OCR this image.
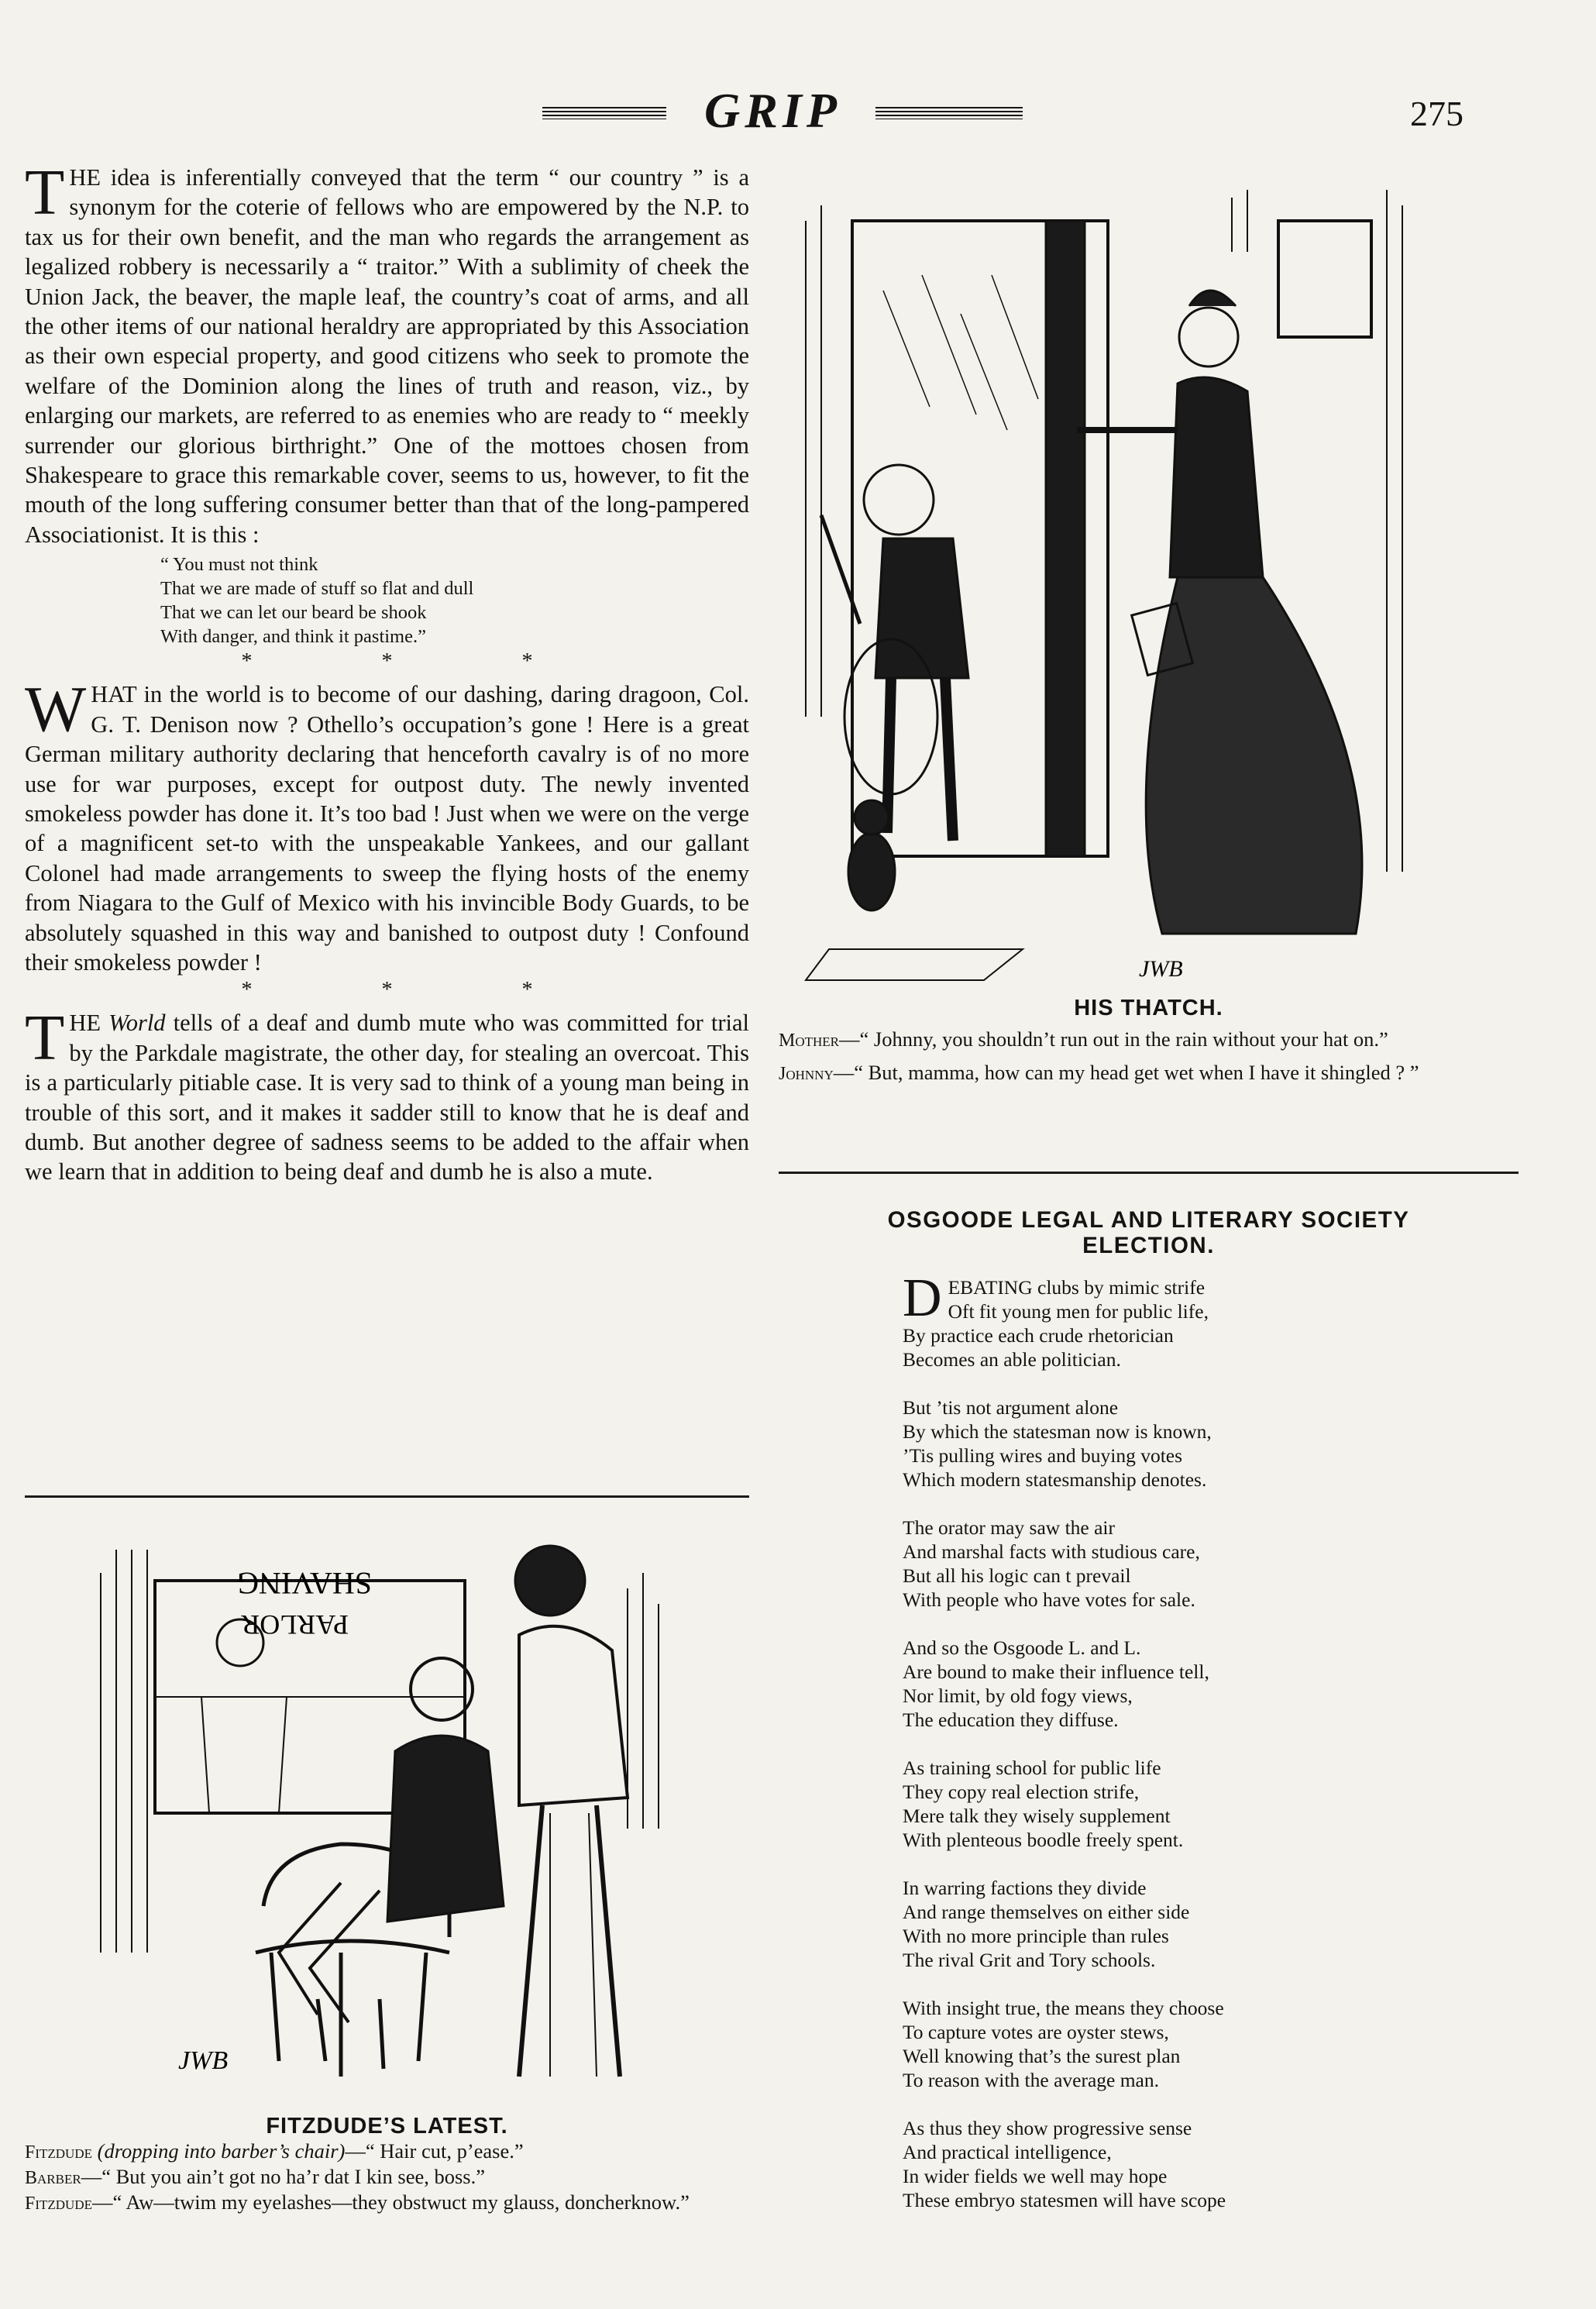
GRIP	275

THE idea is inferentially conveyed that the term “ our country ” is a synonym for the coterie of fellows who are empowered by the N.P. to tax us for their own benefit, and the man who regards the arrangement as legalized robbery is necessarily a “ traitor.” With a sublimity of cheek the Union Jack, the beaver, the maple leaf, the country’s coat of arms, and all the other items of our national heraldry are appropriated by this Association as their own especial property, and good citizens who seek to promote the welfare of the Dominion along the lines of truth and reason, viz., by enlarging our markets, are referred to as enemies who are ready to “ meekly surrender our glorious birthright.” One of the mottoes chosen from Shakespeare to grace this remarkable cover, seems to us, however, to fit the mouth of the long suffering consumer better than that of the long-pampered Associationist. It is this :

“ You must not think
That we are made of stuff so flat and dull
That we can let our beard be shook
With danger, and think it pastime.”
* * *

WHAT in the world is to become of our dashing, daring dragoon, Col. G. T. Denison now ? Othello’s occupation’s gone ! Here is a great German military authority declaring that henceforth cavalry is of no more use for war purposes, except for outpost duty. The newly invented smokeless powder has done it. It’s too bad ! Just when we were on the verge of a magnificent set-to with the unspeakable Yankees, and our gallant Colonel had made arrangements to sweep the flying hosts of the enemy from Niagara to the Gulf of Mexico with his invincible Body Guards, to be absolutely squashed in this way and banished to outpost duty ! Confound their smokeless powder !

* * *

THE World tells of a deaf and dumb mute who was committed for trial by the Parkdale magistrate, the other day, for stealing an overcoat. This is a particularly pitiable case. It is very sad to think of a young man being in trouble of this sort, and it makes it sadder still to know that he is deaf and dumb. But another degree of sadness seems to be added to the affair when we learn that in addition to being deaf and dumb he is also a mute.

SHAVING
PARLOR
JWB
FITZDUDE’S LATEST.

Fitzdude (dropping into barber’s chair)—“ Hair cut, p’ease.”

Barber—“ But you ain’t got no ha’r dat I kin see, boss.”

Fitzdude—“ Aw—twim my eyelashes—they obstwuct my glauss, doncherknow.”

JWB
HIS THATCH.

Mother—“ Johnny, you shouldn’t run out in the rain without your hat on.”

Johnny—“ But, mamma, how can my head get wet when I have it shingled ? ”

OSGOODE LEGAL AND LITERARY SOCIETY ELECTION.
D EBATING clubs by mimic strife
Oft fit young men for public life,
By practice each crude rhetorician
Becomes an able politician.
But ’tis not argument alone
By which the statesman now is known,
’Tis pulling wires and buying votes
Which modern statesmanship denotes.
The orator may saw the air
And marshal facts with studious care,
But all his logic can t prevail
With people who have votes for sale.
And so the Osgoode L. and L.
Are bound to make their influence tell,
Nor limit, by old fogy views,
The education they diffuse.
As training school for public life
They copy real election strife,
Mere talk they wisely supplement
With plenteous boodle freely spent.
In warring factions they divide
And range themselves on either side
With no more principle than rules
The rival Grit and Tory schools.
With insight true, the means they choose
To capture votes are oyster stews,
Well knowing that’s the surest plan
To reason with the average man.
As thus they show progressive sense
And practical intelligence,
In wider fields we well may hope
These embryo statesmen will have scope
